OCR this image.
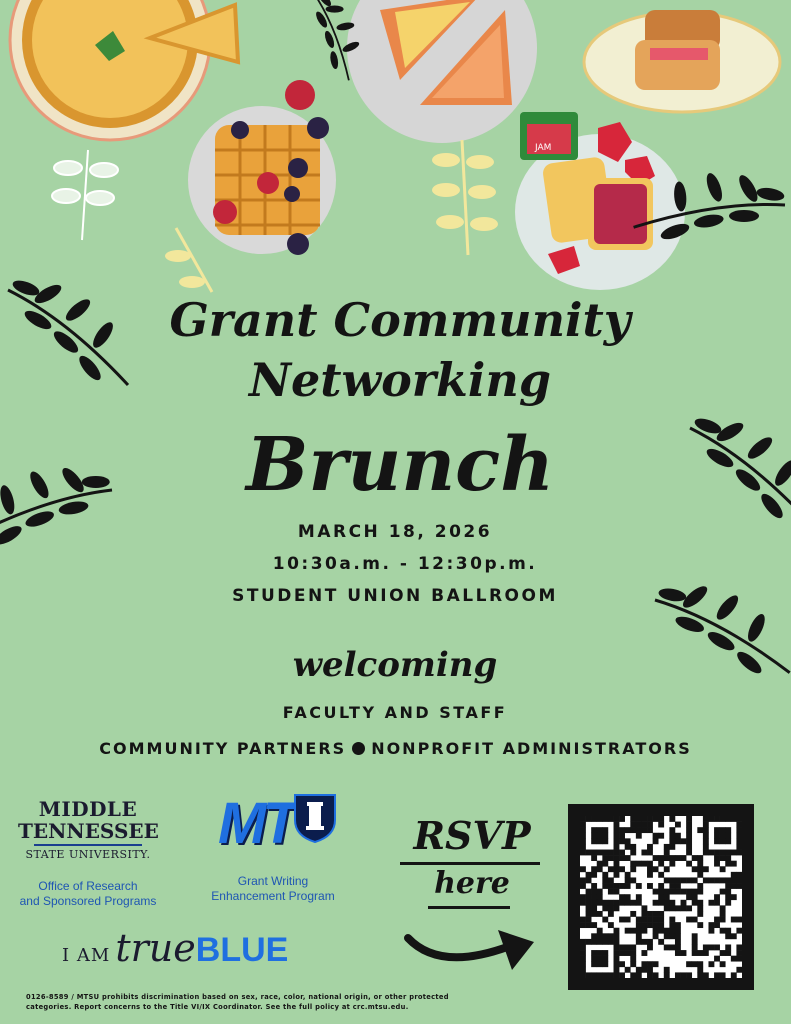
JAM
Grant Community
Networking
Brunch
MARCH 18, 2026
10:30a.m. - 12:30p.m.
STUDENT UNION BALLROOM
welcoming
FACULTY AND STAFF
COMMUNITY PARTNERS NONPROFIT ADMINISTRATORS
MIDDLE
TENNESSEE
STATE UNIVERSITY.
Office of Research
and Sponsored Programs
MT
Grant Writing
Enhancement Program
I AM trueBLUE
RSVP
here
0126-8589 / MTSU prohibits discrimination based on sex, race, color, national origin, or other protected
categories. Report concerns to the Title VI/IX Coordinator. See the full policy at crc.mtsu.edu.
